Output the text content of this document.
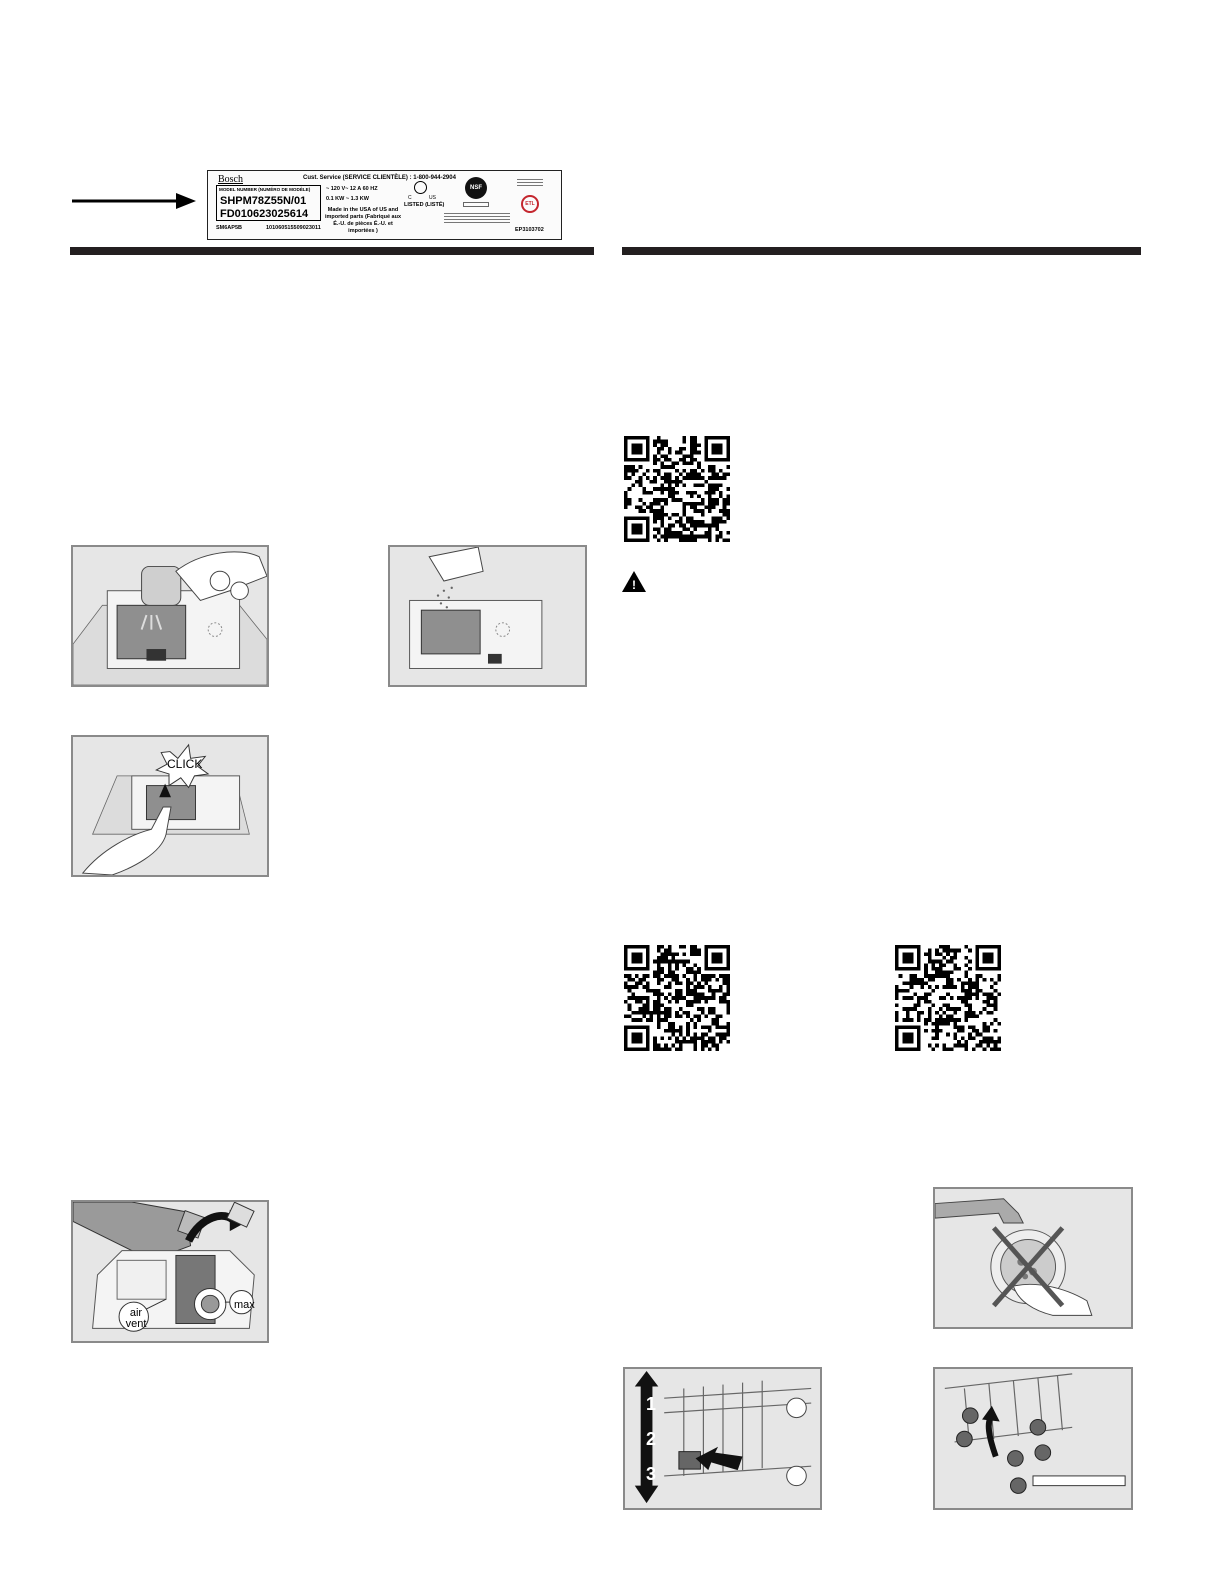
Bosch	Cust. Service (SERVICE CLIENTÈLE) : 1-800-944-2904
MODEL NUMBER (NUMÉRO DE MODÈLE)
SHPM78Z55N/01
FD010623025614
~ 120 V~ 12 A 60 HZ
0.1 KW ~ 1.3 KW
Made in the USA of US and imported parts (Fabriqué aux É.-U. de pièces É.-U. et importées )
SM6AP5B	101060515509023011
C	US
LISTED (LISTÉ)
NSF
ETL
EP3103702
CLICK
air vent
max
!
1
2
3
